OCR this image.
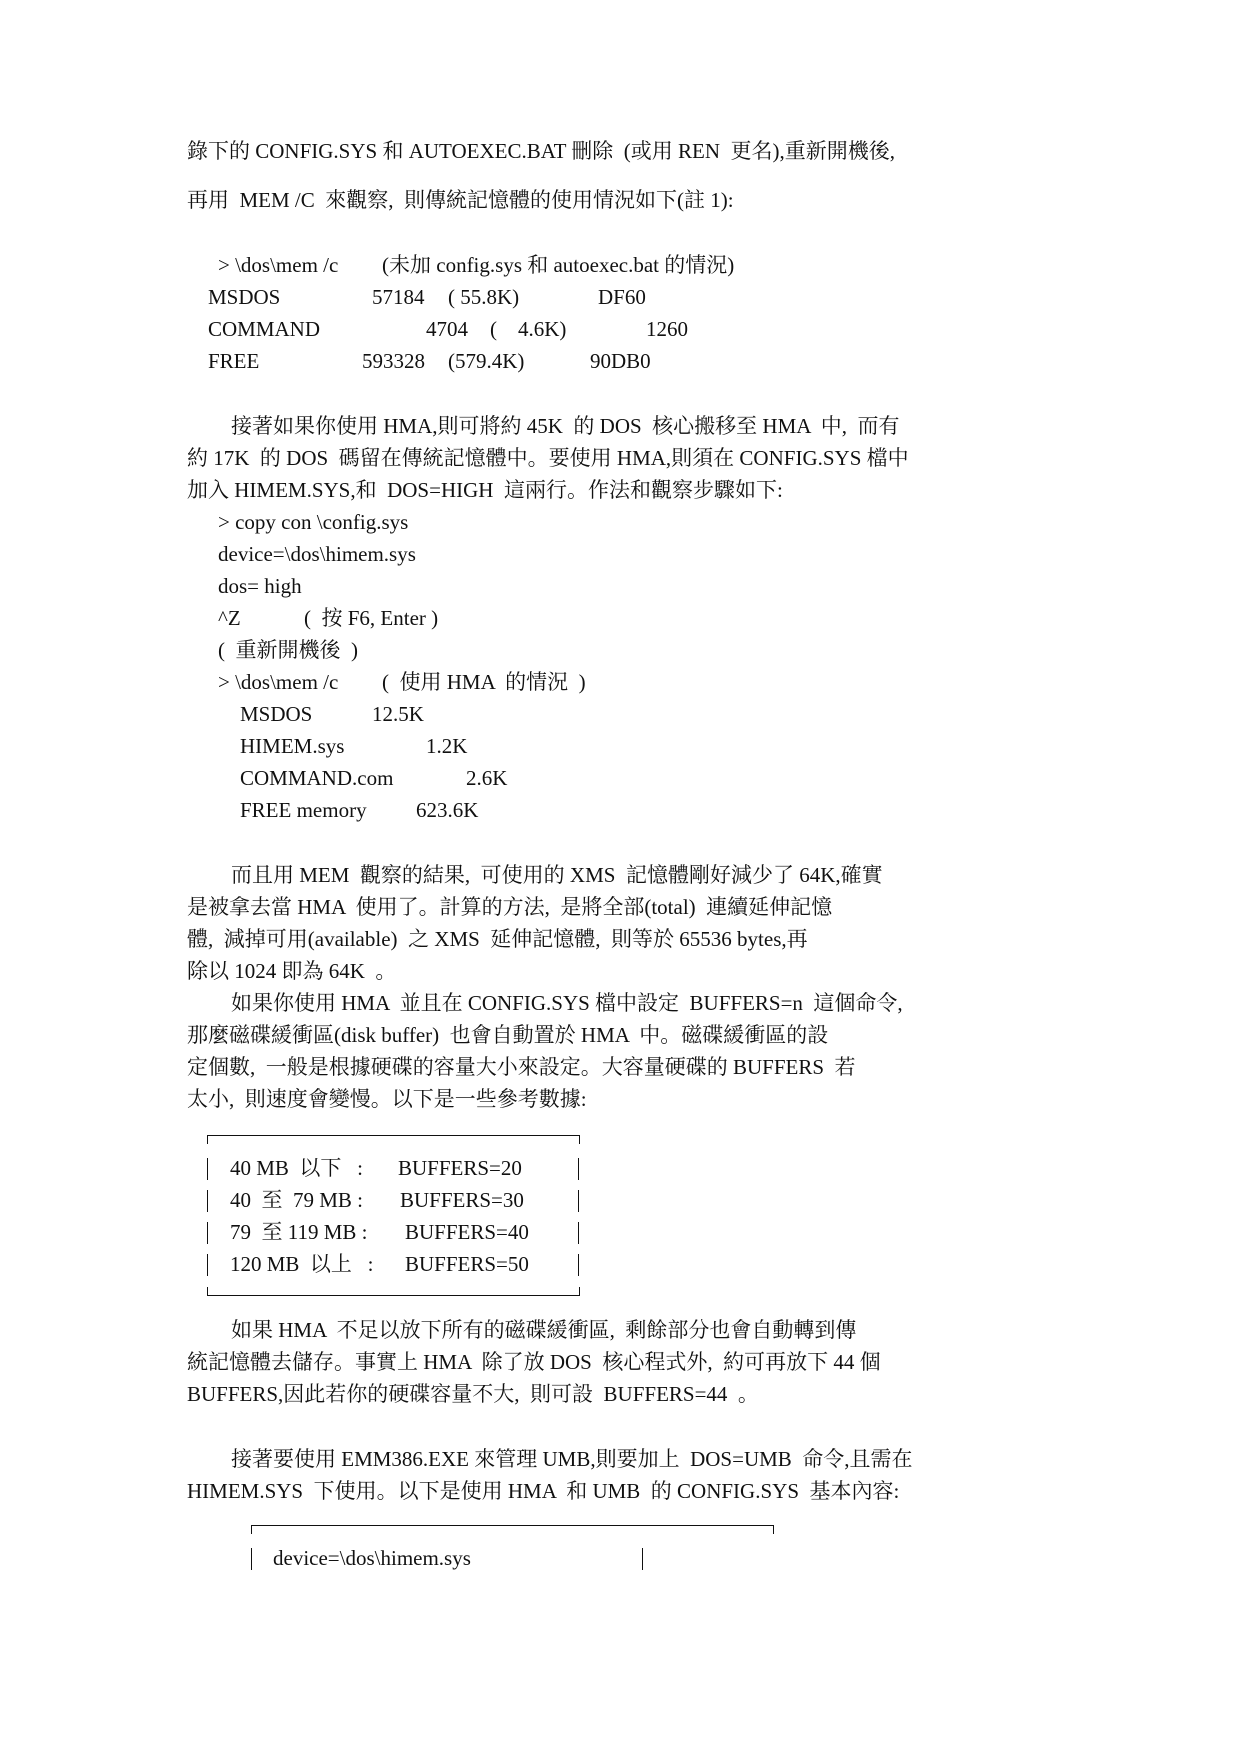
錄下的 CONFIG.SYS 和 AUTOEXEC.BAT 刪除  (或用 REN  更名),重新開機後,
再用  MEM /C  來觀察,  則傳統記憶體的使用情況如下(註 1):
> \dos\mem /c (未加 config.sys 和 autoexec.bat 的情況)
MSDOS	57184 ( 55.8K)	DF60
COMMAND	4704 (    4.6K)	1260
FREE	593328 (579.4K)	90DB0
接著如果你使用 HMA,則可將約 45K  的 DOS  核心搬移至 HMA  中,  而有
約 17K  的 DOS  碼留在傳統記憶體中。要使用 HMA,則須在 CONFIG.SYS 檔中
加入 HIMEM.SYS,和  DOS=HIGH  這兩行。作法和觀察步驟如下:
> copy con \config.sys
device=\dos\himem.sys
dos= high
^Z	(  按 F6, Enter )
(  重新開機後  )
> \dos\mem /c (  使用 HMA  的情況  )
MSDOS	12.5K
HIMEM.sys	1.2K
COMMAND.com	2.6K
FREE memory 623.6K
而且用 MEM  觀察的結果,  可使用的 XMS  記憶體剛好減少了 64K,確實
是被拿去當 HMA  使用了。計算的方法,  是將全部(total)  連續延伸記憶
體,  減掉可用(available)  之 XMS  延伸記憶體,  則等於 65536 bytes,再
除以 1024 即為 64K  。
如果你使用 HMA  並且在 CONFIG.SYS 檔中設定  BUFFERS=n  這個命令,
那麼磁碟緩衝區(disk buffer)  也會自動置於 HMA  中。磁碟緩衝區的設
定個數,  一般是根據硬碟的容量大小來設定。大容量硬碟的 BUFFERS  若
太小,  則速度會變慢。以下是一些參考數據:
40 MB  以下   : BUFFERS=20
40  至  79 MB : BUFFERS=30
79  至 119 MB : BUFFERS=40
120 MB  以上   : BUFFERS=50
如果 HMA  不足以放下所有的磁碟緩衝區,  剩餘部分也會自動轉到傳
統記憶體去儲存。事實上 HMA  除了放 DOS  核心程式外,  約可再放下 44 個
BUFFERS,因此若你的硬碟容量不大,  則可設  BUFFERS=44  。
接著要使用 EMM386.EXE 來管理 UMB,則要加上  DOS=UMB  命令,且需在
HIMEM.SYS  下使用。以下是使用 HMA  和 UMB  的 CONFIG.SYS  基本內容:
device=\dos\himem.sys
